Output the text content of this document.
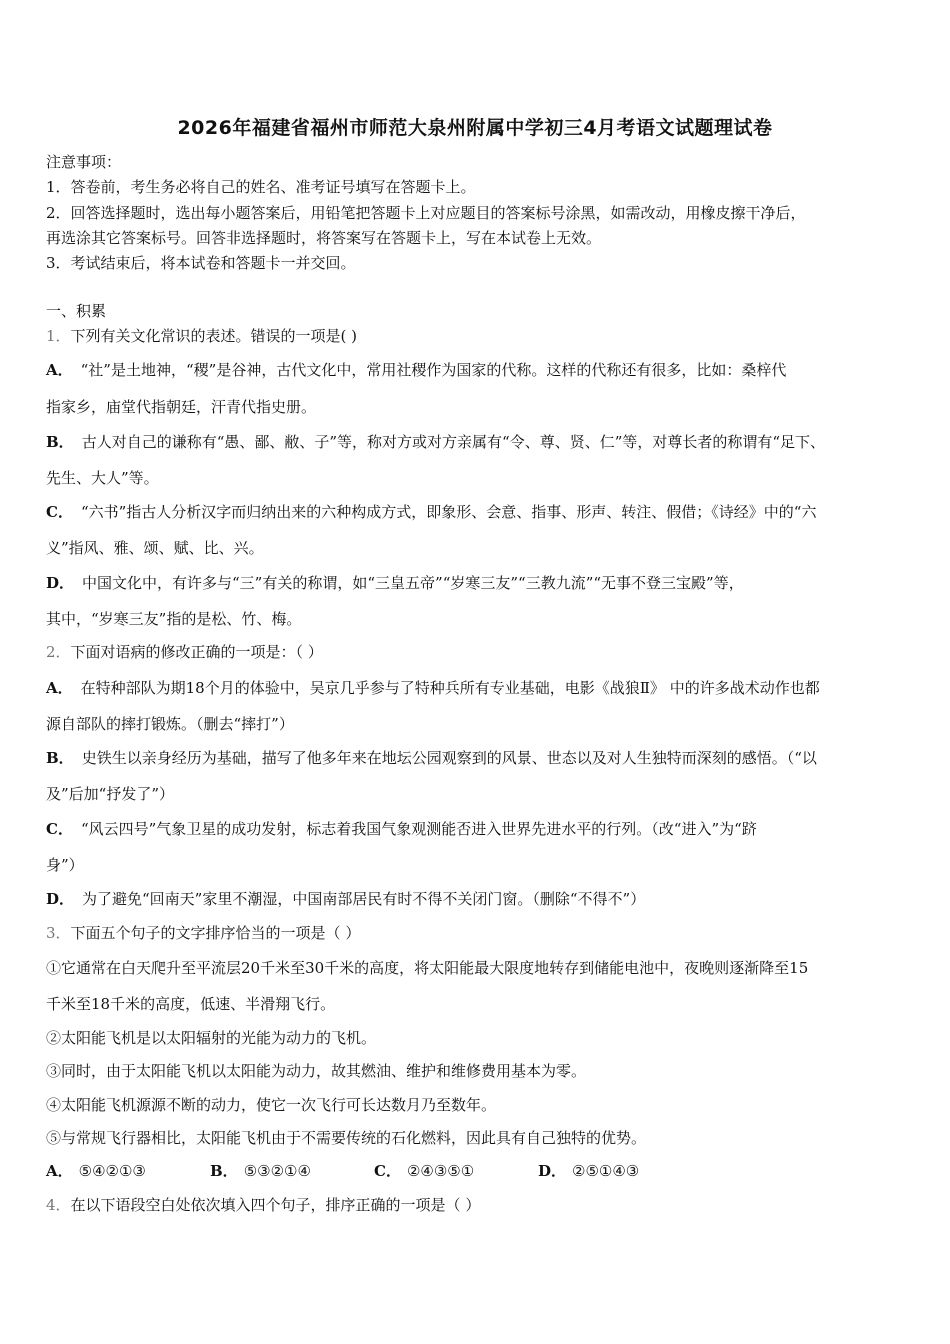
2026年福建省福州市师范大泉州附属中学初三4月考语文试题理试卷
注意事项：
1．答卷前，考生务必将自己的姓名、准考证号填写在答题卡上。
2．回答选择题时，选出每小题答案后，用铅笔把答题卡上对应题目的答案标号涂黑，如需改动，用橡皮擦干净后，
再选涂其它答案标号。回答非选择题时，将答案写在答题卡上，写在本试卷上无效。
3．考试结束后，将本试卷和答题卡一并交回。
一、积累
1．下列有关文化常识的表述。错误的一项是( )
A． “社”是土地神，“稷”是谷神，古代文化中，常用社稷作为国家的代称。这样的代称还有很多，比如：桑梓代
指家乡，庙堂代指朝廷，汗青代指史册。
B． 古人对自己的谦称有“愚、鄙、敝、子”等，称对方或对方亲属有“令、尊、贤、仁”等，对尊长者的称谓有“足下、
先生、大人”等。
C． “六书”指古人分析汉字而归纳出来的六种构成方式，即象形、会意、指事、形声、转注、假借；《诗经》中的“六
义”指风、雅、颂、赋、比、兴。
D． 中国文化中，有许多与“三”有关的称谓，如“三皇五帝”“岁寒三友”“三教九流”“无事不登三宝殿”等，
其中，“岁寒三友”指的是松、竹、梅。
2．下面对语病的修改正确的一项是：（ ）
A． 在特种部队为期18个月的体验中，吴京几乎参与了特种兵所有专业基础，电影《战狼Ⅱ》 中的许多战术动作也都
源自部队的摔打锻炼。（删去“摔打”）
B． 史铁生以亲身经历为基础，描写了他多年来在地坛公园观察到的风景、世态以及对人生独特而深刻的感悟。（“以
及”后加“抒发了”）
C． “风云四号”气象卫星的成功发射，标志着我国气象观测能否进入世界先进水平的行列。（改“进入”为“跻
身”）
D． 为了避免“回南天”家里不潮湿，中国南部居民有时不得不关闭门窗。（删除“不得不”）
3．下面五个句子的文字排序恰当的一项是（ ）
①它通常在白天爬升至平流层20千米至30千米的高度，将太阳能最大限度地转存到储能电池中，夜晚则逐渐降至15
千米至18千米的高度，低速、半滑翔飞行。
②太阳能飞机是以太阳辐射的光能为动力的飞机。
③同时，由于太阳能飞机以太阳能为动力，故其燃油、维护和维修费用基本为零。
④太阳能飞机源源不断的动力，使它一次飞行可长达数月乃至数年。
⑤与常规飞行器相比，太阳能飞机由于不需要传统的石化燃料，因此具有自己独特的优势。
A． ⑤④②①③	B． ⑤③②①④	C． ②④③⑤①	D． ②⑤①④③
4．在以下语段空白处依次填入四个句子，排序正确的一项是（ ）
